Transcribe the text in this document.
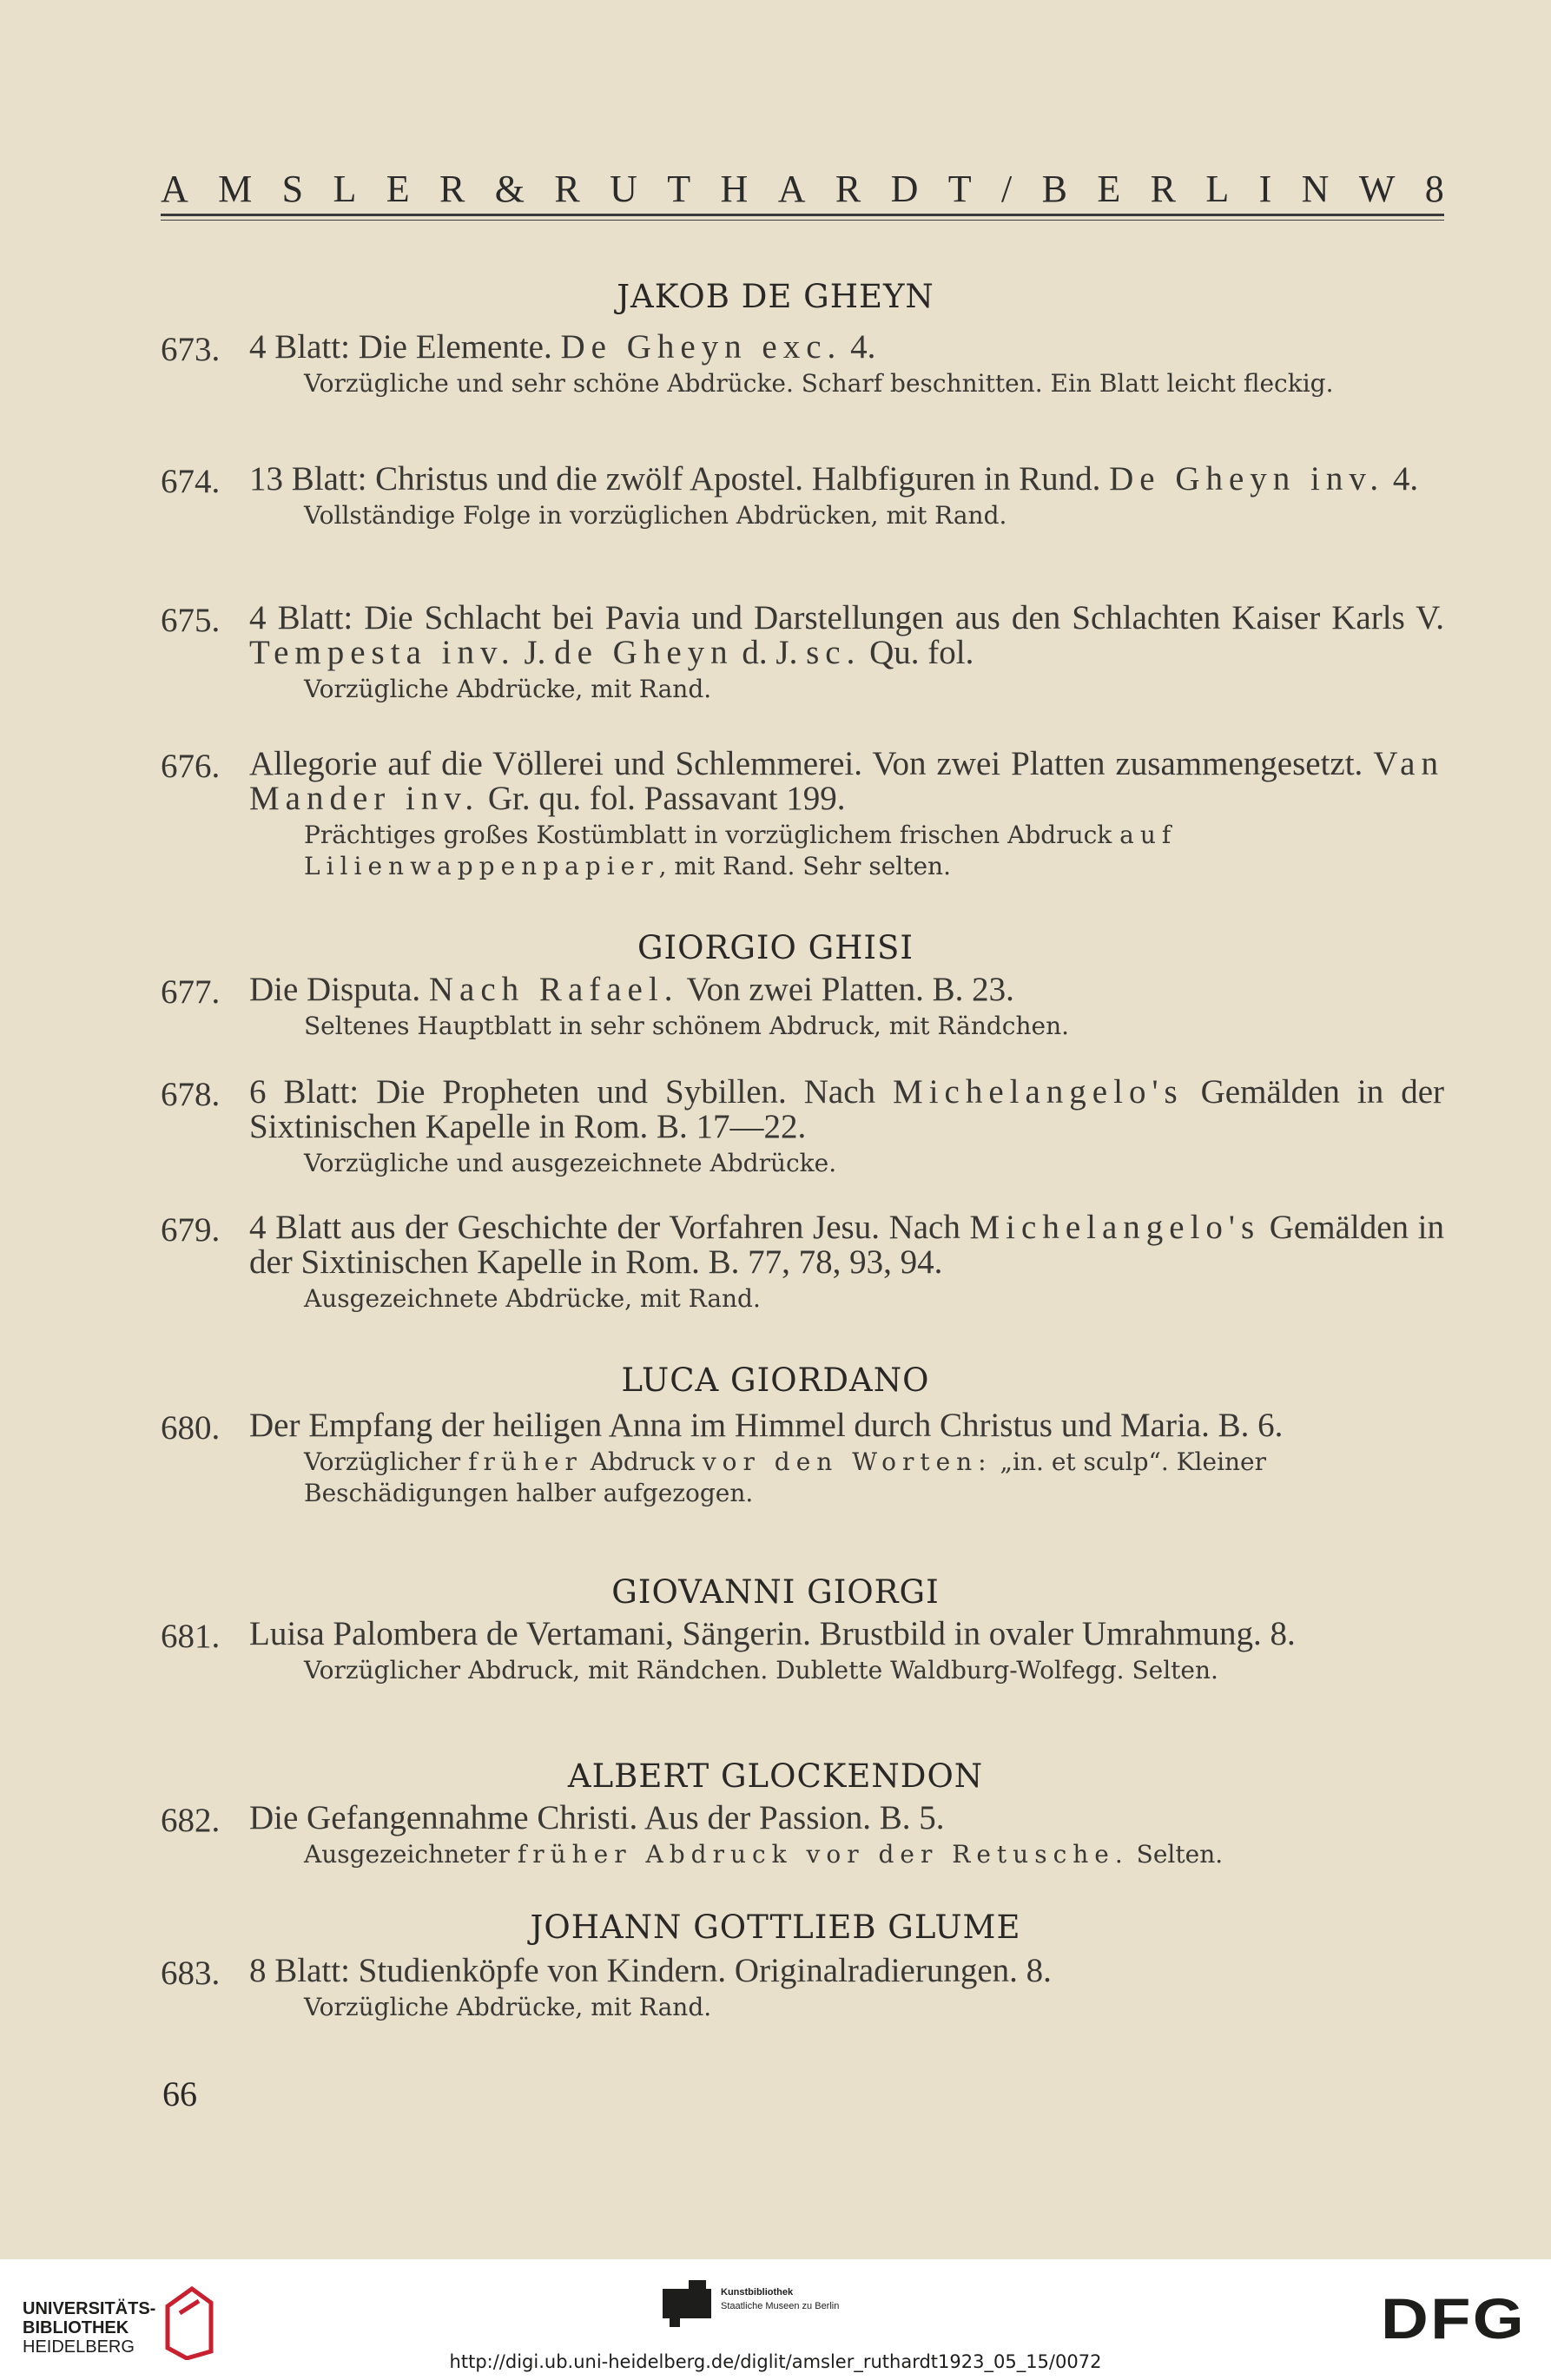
A M S L E R & R U T H A R D T / B E R L I N W 8
JAKOB DE GHEYN
673. 4 Blatt: Die Elemente. De Gheyn exc. 4.
Vorzügliche und sehr schöne Abdrücke. Scharf beschnitten. Ein Blatt leicht fleckig.
674. 13 Blatt: Christus und die zwölf Apostel. Halbfiguren in Rund. De Gheyn inv. 4.
Vollständige Folge in vorzüglichen Abdrücken, mit Rand.
675. 4 Blatt: Die Schlacht bei Pavia und Darstellungen aus den Schlachten Kaiser Karls V. Tempesta inv. J. de Gheyn d. J. sc. Qu. fol.
Vorzügliche Abdrücke, mit Rand.
676. Allegorie auf die Völlerei und Schlemmerei. Von zwei Platten zusammengesetzt. Van Mander inv. Gr. qu. fol. Passavant 199.
Prächtiges großes Kostümblatt in vorzüglichem frischen Abdruck auf Lilienwappenpapier, mit Rand. Sehr selten.
GIORGIO GHISI
677. Die Disputa. Nach Rafael. Von zwei Platten. B. 23.
Seltenes Hauptblatt in sehr schönem Abdruck, mit Rändchen.
678. 6 Blatt: Die Propheten und Sybillen. Nach Michelangelo's Gemälden in der Sixtinischen Kapelle in Rom. B. 17—22.
Vorzügliche und ausgezeichnete Abdrücke.
679. 4 Blatt aus der Geschichte der Vorfahren Jesu. Nach Michelangelo's Gemälden in der Sixtinischen Kapelle in Rom. B. 77, 78, 93, 94.
Ausgezeichnete Abdrücke, mit Rand.
LUCA GIORDANO
680. Der Empfang der heiligen Anna im Himmel durch Christus und Maria. B. 6.
Vorzüglicher früher Abdruck vor den Worten: „in. et sculp“. Kleiner Beschädigungen halber aufgezogen.
GIOVANNI GIORGI
681. Luisa Palombera de Vertamani, Sängerin. Brustbild in ovaler Umrahmung. 8.
Vorzüglicher Abdruck, mit Rändchen. Dublette Waldburg-Wolfegg. Selten.
ALBERT GLOCKENDON
682. Die Gefangennahme Christi. Aus der Passion. B. 5.
Ausgezeichneter früher Abdruck vor der Retusche. Selten.
JOHANN GOTTLIEB GLUME
683. 8 Blatt: Studienköpfe von Kindern. Originalradierungen. 8.
Vorzügliche Abdrücke, mit Rand.
66
UNIVERSITÄTS-
BIBLIOTHEK
HEIDELBERG
Kunstbibliothek
Staatliche Museen zu Berlin	DFG
http://digi.ub.uni-heidelberg.de/diglit/amsler_ruthardt1923_05_15/0072
